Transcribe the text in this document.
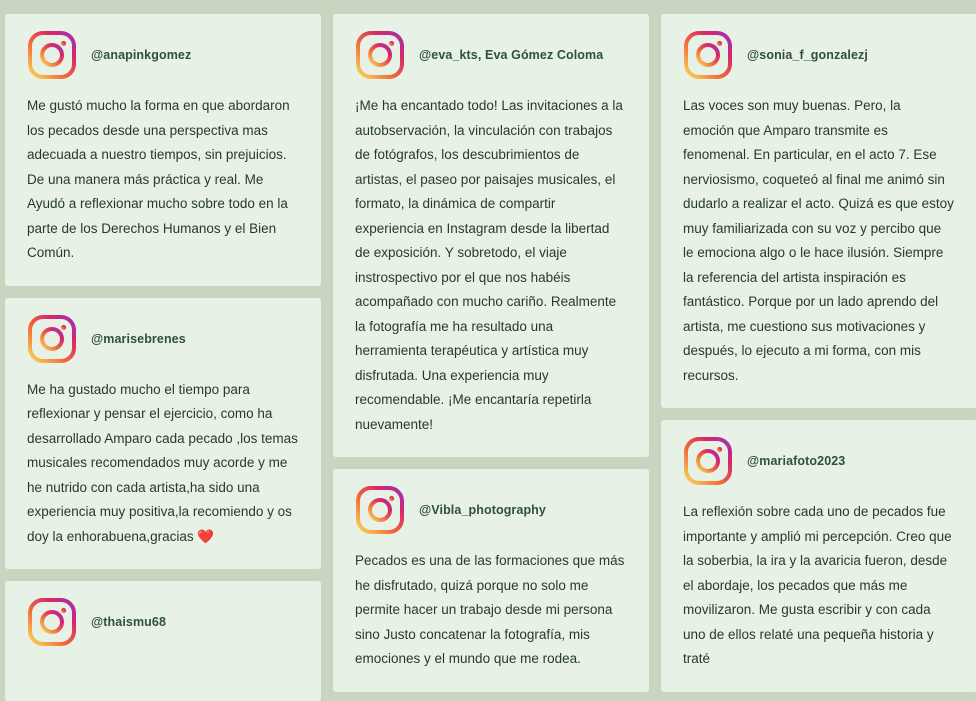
@anapinkgomez
Me gustó mucho la forma en que abordaron los pecados desde una perspectiva mas adecuada a nuestro tiempos, sin prejuicios. De una manera más práctica y real. Me Ayudó a reflexionar mucho sobre todo en la parte de los Derechos Humanos y el Bien Común.
@marisebrenes
Me ha gustado mucho el tiempo para reflexionar y pensar el ejercicio, como ha desarrollado Amparo cada pecado ,los temas musicales recomendados muy acorde y me he nutrido con cada artista,ha sido una experiencia muy positiva,la recomiendo y os doy la enhorabuena,gracias ❤️
@thaismu68
@eva_kts, Eva Gómez Coloma
¡Me ha encantado todo! Las invitaciones a la autobservación, la vinculación con trabajos de fotógrafos, los descubrimientos de artistas, el paseo por paisajes musicales, el formato, la dinámica de compartir experiencia en Instagram desde la libertad de exposición. Y sobretodo, el viaje instrospectivo por el que nos habéis acompañado con mucho cariño. Realmente la fotografía me ha resultado una herramienta terapéutica y artística muy disfrutada. Una experiencia muy recomendable. ¡Me encantaría repetirla nuevamente!
@Vibla_photography
Pecados es una de las formaciones que más he disfrutado, quizá porque no solo me permite hacer un trabajo desde mi persona sino Justo concatenar la fotografía, mis emociones y el mundo que me rodea.
@sonia_f_gonzalezj
Las voces son muy buenas. Pero, la emoción que Amparo transmite es fenomenal. En particular, en el acto 7. Ese nerviosismo, coqueteó al final me animó sin dudarlo a realizar el acto. Quizá es que estoy muy familiarizada con su voz y percibo que le emociona algo o le hace ilusión. Siempre la referencia del artista inspiración es fantástico. Porque por un lado aprendo del artista, me cuestiono sus motivaciones y después, lo ejecuto a mi forma, con mis recursos.
@mariafoto2023
La reflexión sobre cada uno de pecados fue importante y amplió mi percepción. Creo que la soberbia, la ira y la avaricia fueron, desde el abordaje, los pecados que más me movilizaron. Me gusta escribir y con cada uno de ellos relaté una pequeña historia y traté
